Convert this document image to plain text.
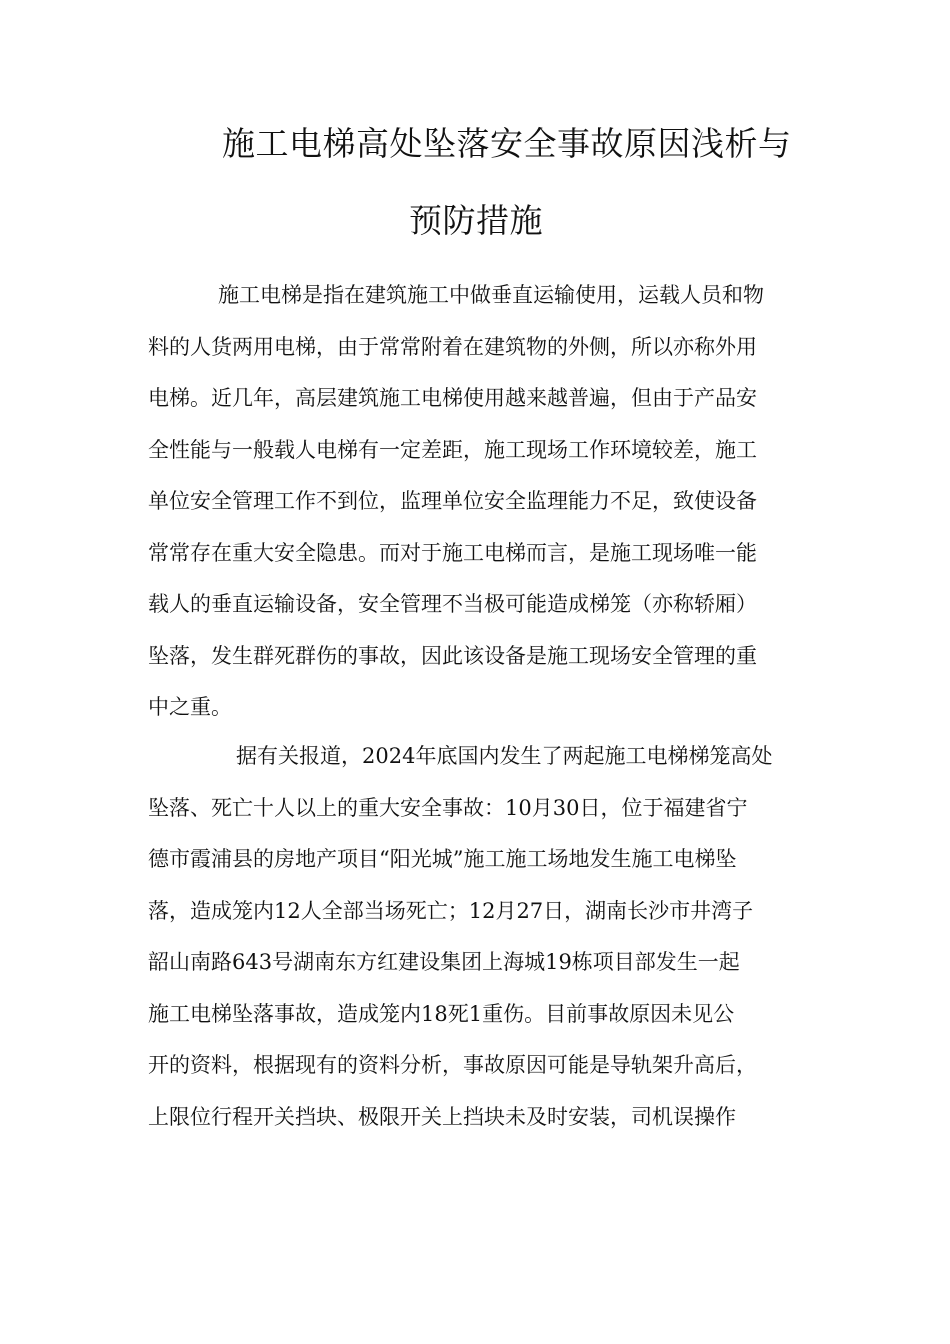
施工电梯高处坠落安全事故原因浅析与
预防措施
施工电梯是指在建筑施工中做垂直运输使用，运载人员和物
料的人货两用电梯，由于常常附着在建筑物的外侧，所以亦称外用
电梯。近几年，高层建筑施工电梯使用越来越普遍，但由于产品安
全性能与一般载人电梯有一定差距，施工现场工作环境较差，施工
单位安全管理工作不到位，监理单位安全监理能力不足，致使设备
常常存在重大安全隐患。而对于施工电梯而言，是施工现场唯一能
载人的垂直运输设备，安全管理不当极可能造成梯笼（亦称轿厢）
坠落，发生群死群伤的事故，因此该设备是施工现场安全管理的重
中之重。
据有关报道，2024年底国内发生了两起施工电梯梯笼高处
坠落、死亡十人以上的重大安全事故：10月30日，位于福建省宁
德市霞浦县的房地产项目“阳光城”施工施工场地发生施工电梯坠
落，造成笼内12人全部当场死亡；12月27日，湖南长沙市井湾子
韶山南路643号湖南东方红建设集团上海城19栋项目部发生一起
施工电梯坠落事故，造成笼内18死1重伤。目前事故原因未见公
开的资料，根据现有的资料分析，事故原因可能是导轨架升高后，
上限位行程开关挡块、极限开关上挡块未及时安装，司机误操作
